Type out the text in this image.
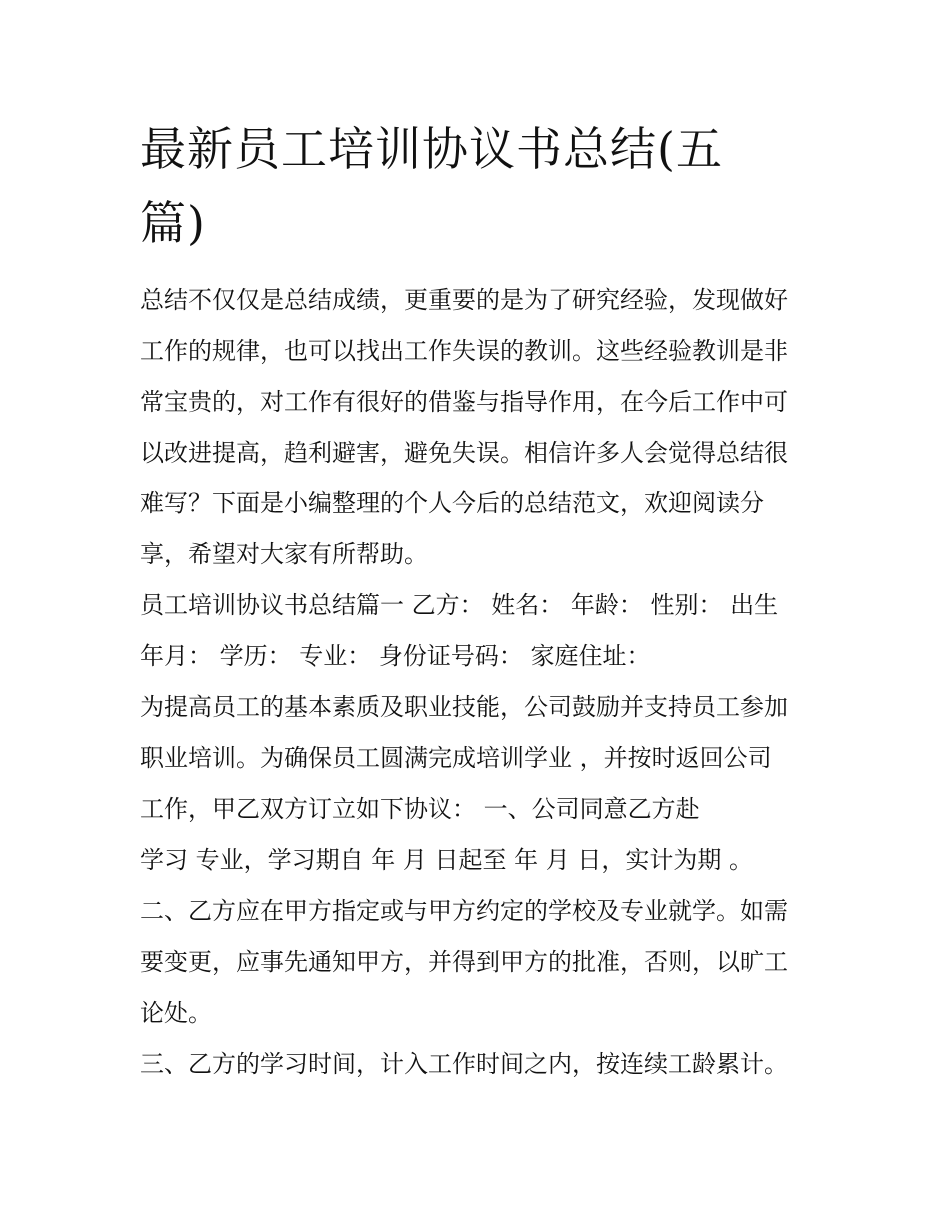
最新员工培训协议书总结(五
篇)
总结不仅仅是总结成绩，更重要的是为了研究经验，发现做好
工作的规律，也可以找出工作失误的教训。这些经验教训是非
常宝贵的，对工作有很好的借鉴与指导作用，在今后工作中可
以改进提高，趋利避害，避免失误。相信许多人会觉得总结很
难写？下面是小编整理的个人今后的总结范文，欢迎阅读分
享，希望对大家有所帮助。
员工培训协议书总结篇一 乙方： 姓名： 年龄： 性别： 出生
年月： 学历： 专业： 身份证号码： 家庭住址：
为提高员工的基本素质及职业技能，公司鼓励并支持员工参加
职业培训。为确保员工圆满完成培训学业 ，并按时返回公司
工作，甲乙双方订立如下协议： 一、公司同意乙方赴
学习 专业，学习期自 年 月 日起至 年 月 日，实计为期 。
二、乙方应在甲方指定或与甲方约定的学校及专业就学。如需
要变更，应事先通知甲方，并得到甲方的批准，否则，以旷工
论处。
三、乙方的学习时间，计入工作时间之内，按连续工龄累计。
